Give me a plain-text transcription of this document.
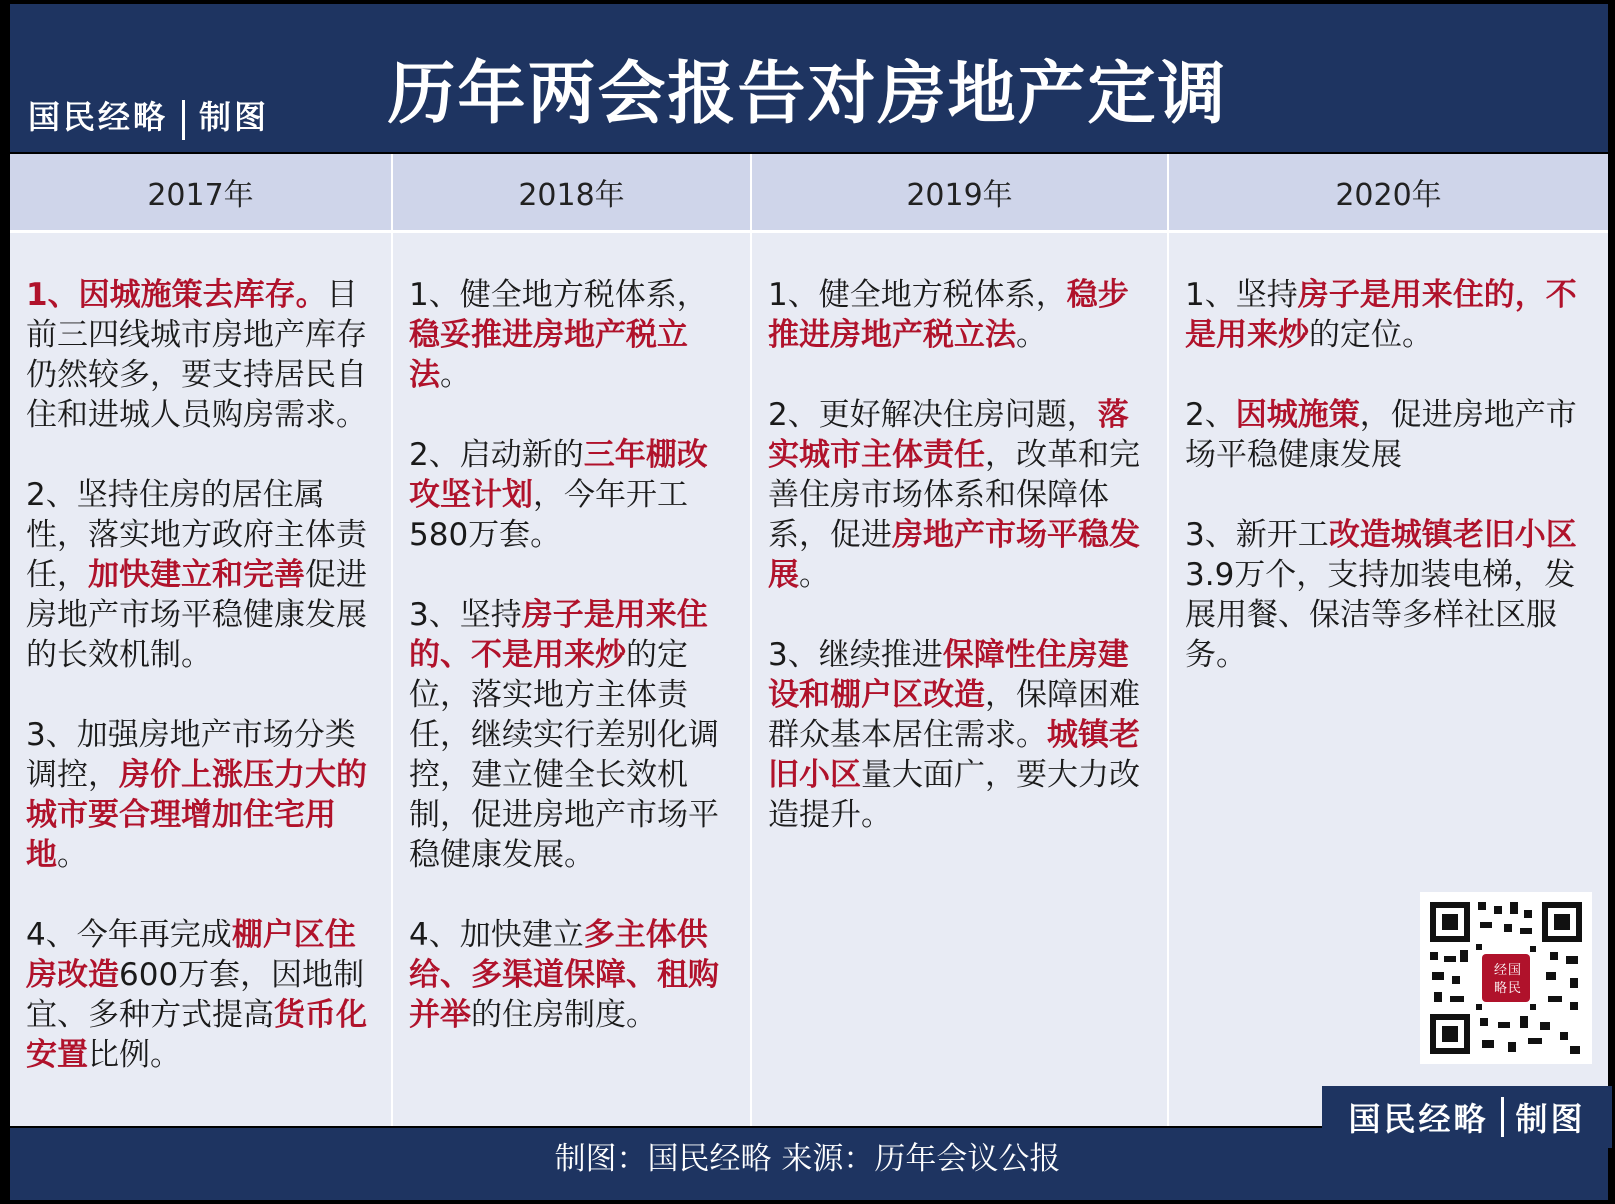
国民经略 制图	历年两会报告对房地产定调
2017年

1、因城施策去库存。目前三四线城市房地产库存仍然较多，要支持居民自住和进城人员购房需求。

2、坚持住房的居住属性，落实地方政府主体责任，加快建立和完善促进房地产市场平稳健康发展的长效机制。

3、加强房地产市场分类调控，房价上涨压力大的城市要合理增加住宅用地。

4、今年再完成棚户区住房改造600万套，因地制宜、多种方式提高货币化安置比例。

2018年

1、健全地方税体系，稳妥推进房地产税立法。

2、启动新的三年棚改攻坚计划，今年开工580万套。

3、坚持房子是用来住的、不是用来炒的定位，落实地方主体责任，继续实行差别化调控，建立健全长效机制，促进房地产市场平稳健康发展。

4、加快建立多主体供给、多渠道保障、租购并举的住房制度。

2019年

1、健全地方税体系，稳步推进房地产税立法。

2、更好解决住房问题，落实城市主体责任，改革和完善住房市场体系和保障体系，促进房地产市场平稳发展。

3、继续推进保障性住房建设和棚户区改造，保障困难群众基本居住需求。城镇老旧小区量大面广，要大力改造提升。

2020年

1、坚持房子是用来住的，不是用来炒的定位。

2、因城施策，促进房地产市场平稳健康发展

3、新开工改造城镇老旧小区3.9万个，支持加装电梯，发展用餐、保洁等多样社区服务。

经 国
略 民
制图：国民经略 来源：历年会议公报
国民经略 制图
